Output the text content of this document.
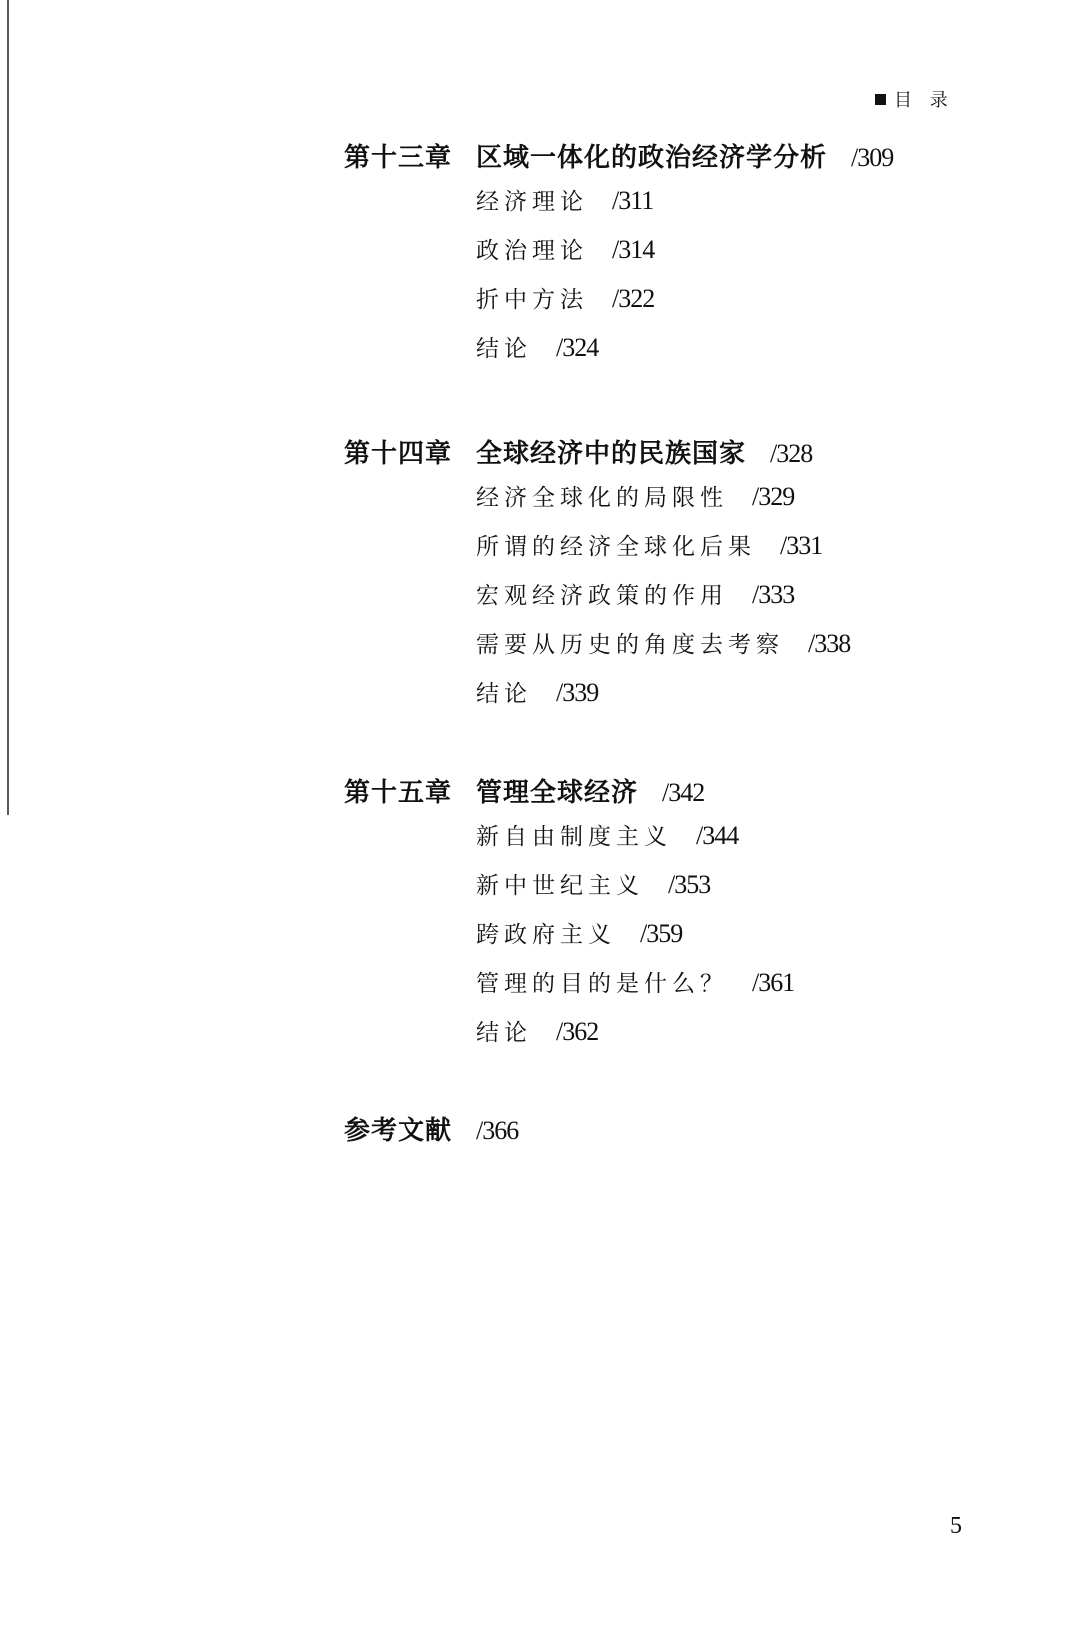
目 录
第十三章 区域一体化的政治经济学分析 /309
经济理论 /311
政治理论 /314
折中方法 /322
结论 /324
第十四章 全球经济中的民族国家 /328
经济全球化的局限性 /329
所谓的经济全球化后果 /331
宏观经济政策的作用 /333
需要从历史的角度去考察 /338
结论 /339
第十五章 管理全球经济 /342
新自由制度主义 /344
新中世纪主义 /353
跨政府主义 /359
管理的目的是什么？ /361
结论 /362
参考文献 /366
5
